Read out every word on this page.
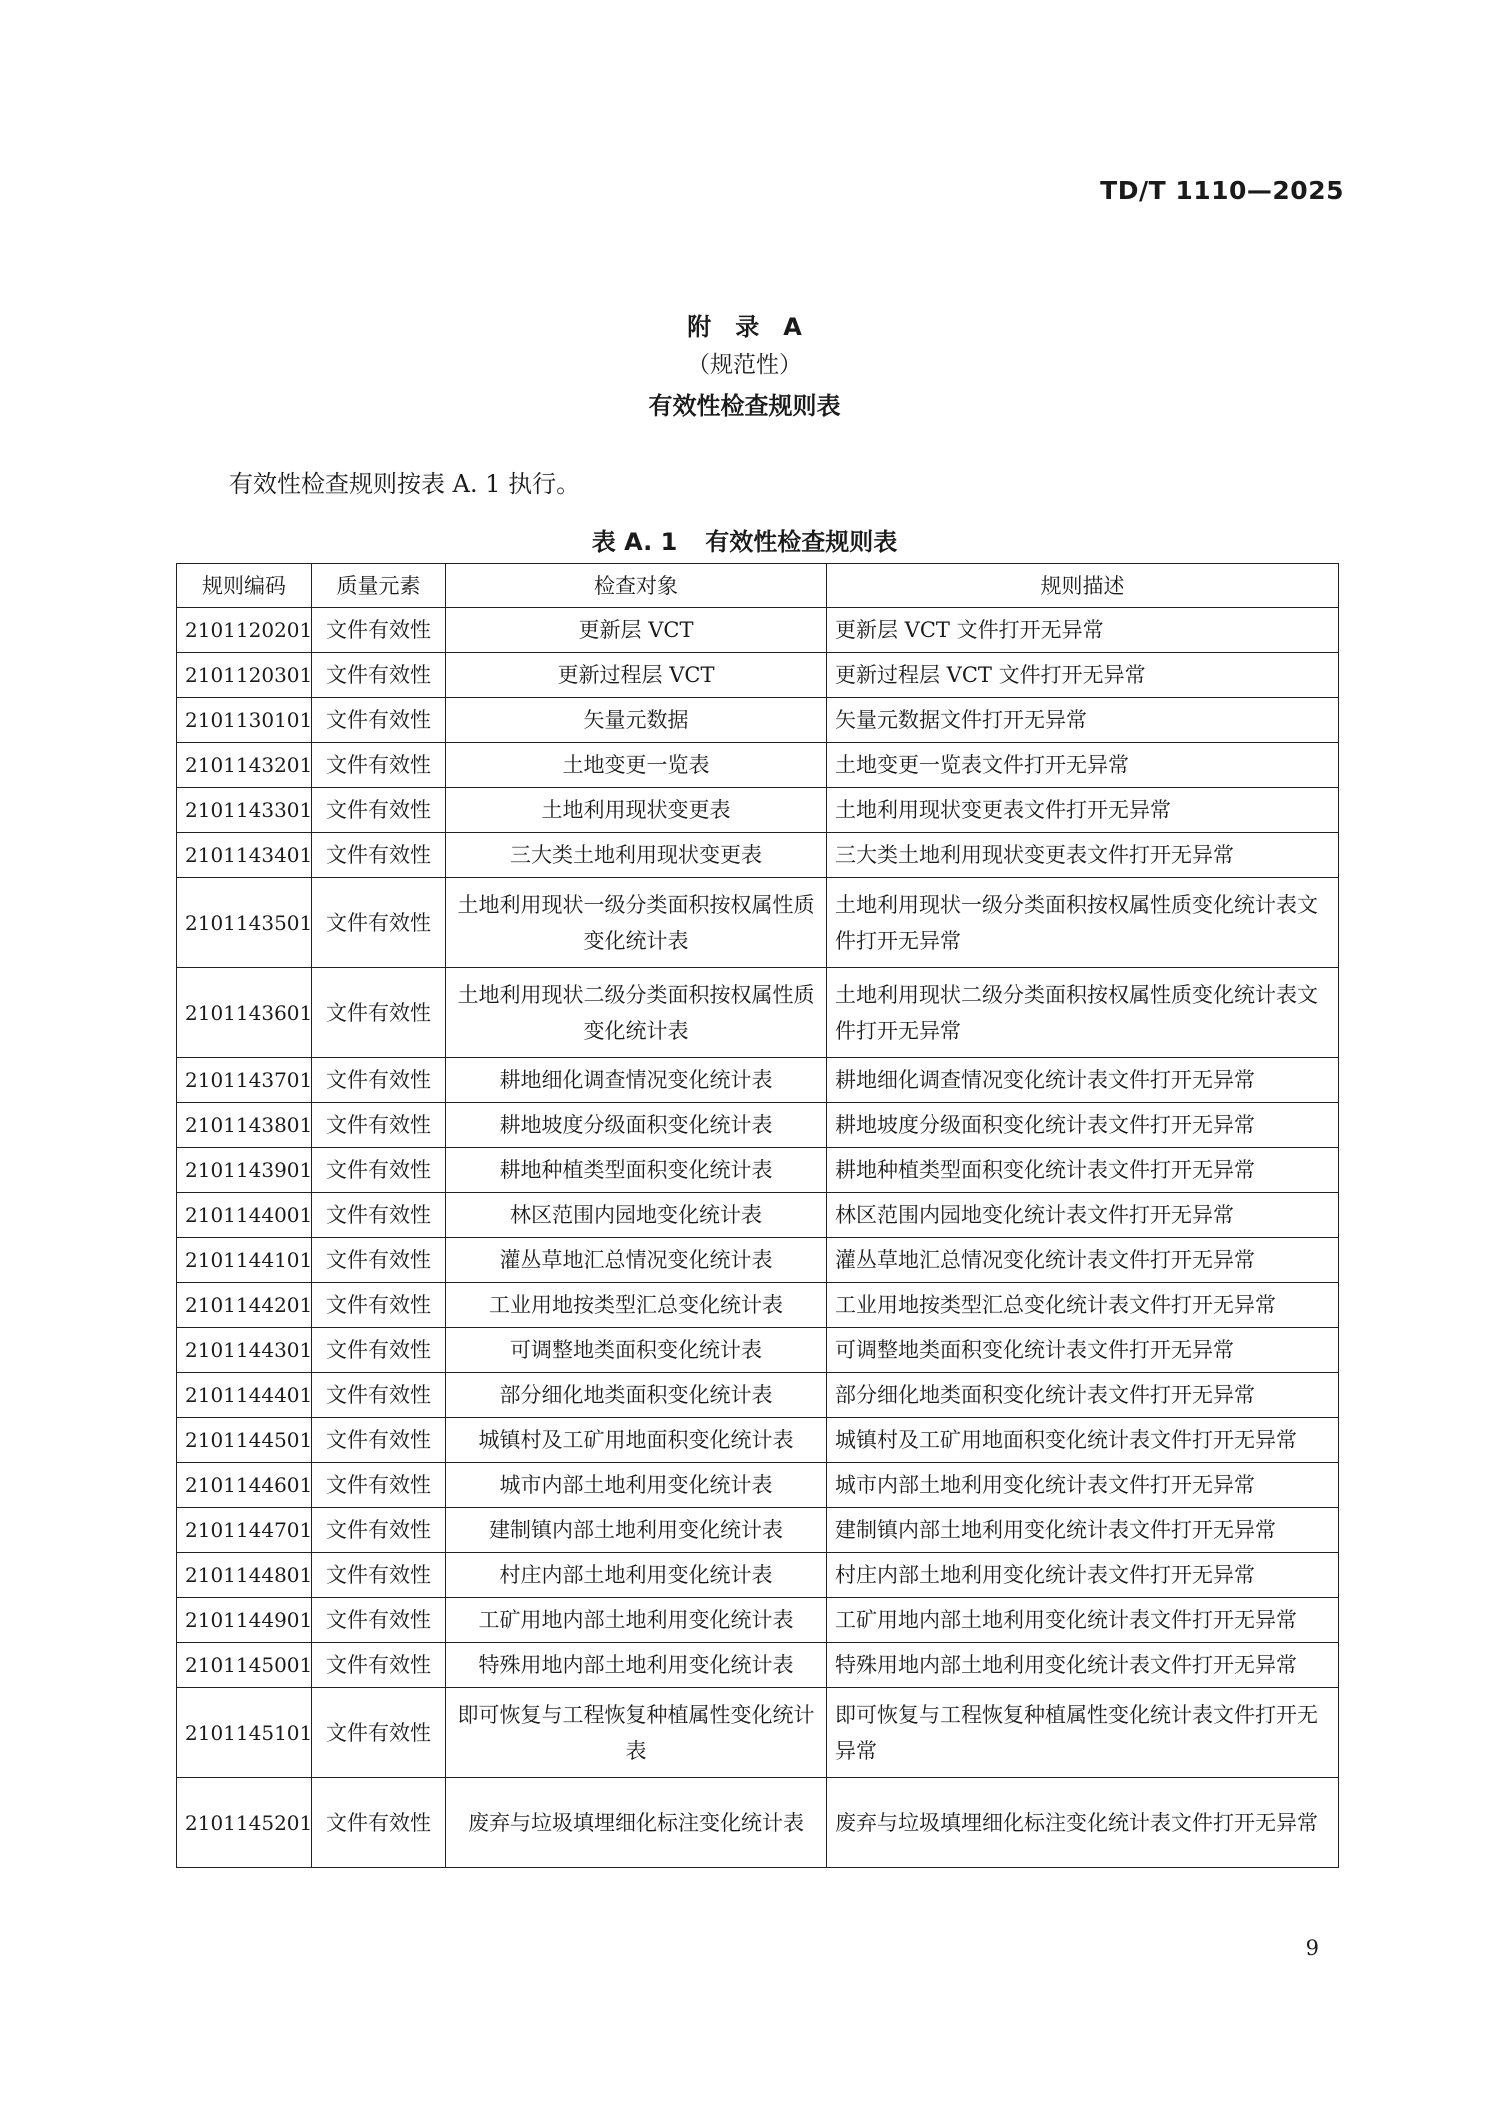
TD/T 1110—2025
附　录　A
（规范性）
有效性检查规则表
有效性检查规则按表 A. 1 执行。
表 A. 1 有效性检查规则表
规则编码	质量元素	检查对象	规则描述
2101120201	文件有效性	更新层 VCT	更新层 VCT 文件打开无异常
2101120301	文件有效性	更新过程层 VCT	更新过程层 VCT 文件打开无异常
2101130101	文件有效性	矢量元数据	矢量元数据文件打开无异常
2101143201	文件有效性	土地变更一览表	土地变更一览表文件打开无异常
2101143301	文件有效性	土地利用现状变更表	土地利用现状变更表文件打开无异常
2101143401	文件有效性	三大类土地利用现状变更表	三大类土地利用现状变更表文件打开无异常
2101143501	文件有效性	土地利用现状一级分类面积按权属性质变化统计表	土地利用现状一级分类面积按权属性质变化统计表文件打开无异常
2101143601	文件有效性	土地利用现状二级分类面积按权属性质变化统计表	土地利用现状二级分类面积按权属性质变化统计表文件打开无异常
2101143701	文件有效性	耕地细化调查情况变化统计表	耕地细化调查情况变化统计表文件打开无异常
2101143801	文件有效性	耕地坡度分级面积变化统计表	耕地坡度分级面积变化统计表文件打开无异常
2101143901	文件有效性	耕地种植类型面积变化统计表	耕地种植类型面积变化统计表文件打开无异常
2101144001	文件有效性	林区范围内园地变化统计表	林区范围内园地变化统计表文件打开无异常
2101144101	文件有效性	灌丛草地汇总情况变化统计表	灌丛草地汇总情况变化统计表文件打开无异常
2101144201	文件有效性	工业用地按类型汇总变化统计表	工业用地按类型汇总变化统计表文件打开无异常
2101144301	文件有效性	可调整地类面积变化统计表	可调整地类面积变化统计表文件打开无异常
2101144401	文件有效性	部分细化地类面积变化统计表	部分细化地类面积变化统计表文件打开无异常
2101144501	文件有效性	城镇村及工矿用地面积变化统计表	城镇村及工矿用地面积变化统计表文件打开无异常
2101144601	文件有效性	城市内部土地利用变化统计表	城市内部土地利用变化统计表文件打开无异常
2101144701	文件有效性	建制镇内部土地利用变化统计表	建制镇内部土地利用变化统计表文件打开无异常
2101144801	文件有效性	村庄内部土地利用变化统计表	村庄内部土地利用变化统计表文件打开无异常
2101144901	文件有效性	工矿用地内部土地利用变化统计表	工矿用地内部土地利用变化统计表文件打开无异常
2101145001	文件有效性	特殊用地内部土地利用变化统计表	特殊用地内部土地利用变化统计表文件打开无异常
2101145101	文件有效性	即可恢复与工程恢复种植属性变化统计表	即可恢复与工程恢复种植属性变化统计表文件打开无异常
2101145201	文件有效性	废弃与垃圾填埋细化标注变化统计表	废弃与垃圾填埋细化标注变化统计表文件打开无异常
9
